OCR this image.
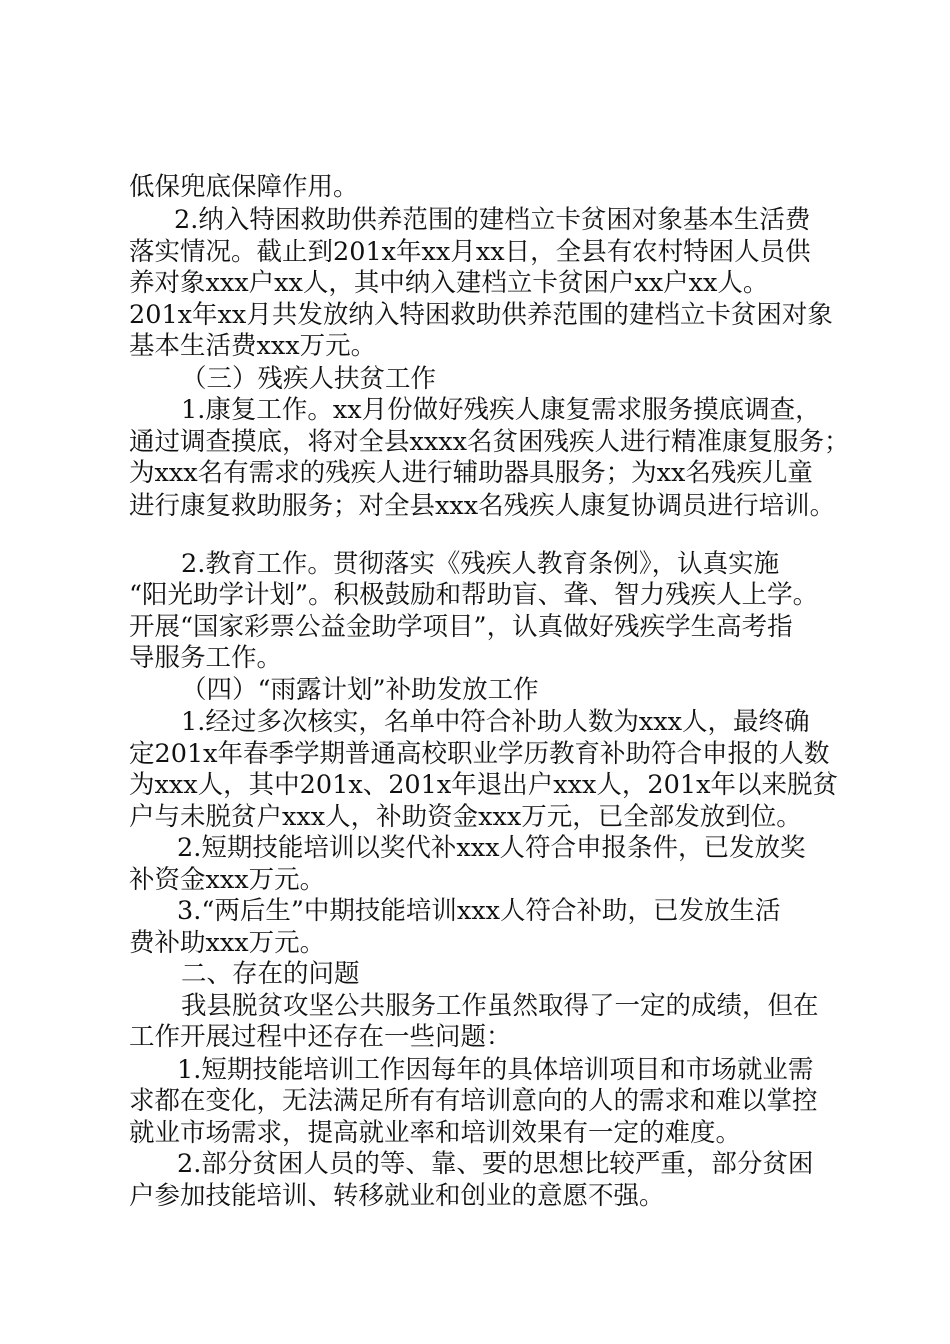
低保兜底保障作用。
2.纳入特困救助供养范围的建档立卡贫困对象基本生活费
落实情况。截止到201x年xx月xx日，全县有农村特困人员供
养对象xxx户xx人，其中纳入建档立卡贫困户xx户xx人。
201x年xx月共发放纳入特困救助供养范围的建档立卡贫困对象
基本生活费xxx万元。
（三）残疾人扶贫工作
1.康复工作。xx月份做好残疾人康复需求服务摸底调查，
通过调查摸底，将对全县xxxx名贫困残疾人进行精准康复服务；
为xxx名有需求的残疾人进行辅助器具服务；为xx名残疾儿童
进行康复救助服务；对全县xxx名残疾人康复协调员进行培训。
2.教育工作。贯彻落实《残疾人教育条例》，认真实施
“阳光助学计划”。积极鼓励和帮助盲、聋、智力残疾人上学。
开展“国家彩票公益金助学项目”，认真做好残疾学生高考指
导服务工作。
（四）“雨露计划”补助发放工作
1.经过多次核实，名单中符合补助人数为xxx人，最终确
定201x年春季学期普通高校职业学历教育补助符合申报的人数
为xxx人，其中201x、201x年退出户xxx人，201x年以来脱贫
户与未脱贫户xxx人，补助资金xxx万元，已全部发放到位。
2.短期技能培训以奖代补xxx人符合申报条件，已发放奖
补资金xxx万元。
3.“两后生”中期技能培训xxx人符合补助，已发放生活
费补助xxx万元。
二、存在的问题
我县脱贫攻坚公共服务工作虽然取得了一定的成绩，但在
工作开展过程中还存在一些问题：
1.短期技能培训工作因每年的具体培训项目和市场就业需
求都在变化，无法满足所有有培训意向的人的需求和难以掌控
就业市场需求，提高就业率和培训效果有一定的难度。
2.部分贫困人员的等、靠、要的思想比较严重，部分贫困
户参加技能培训、转移就业和创业的意愿不强。
